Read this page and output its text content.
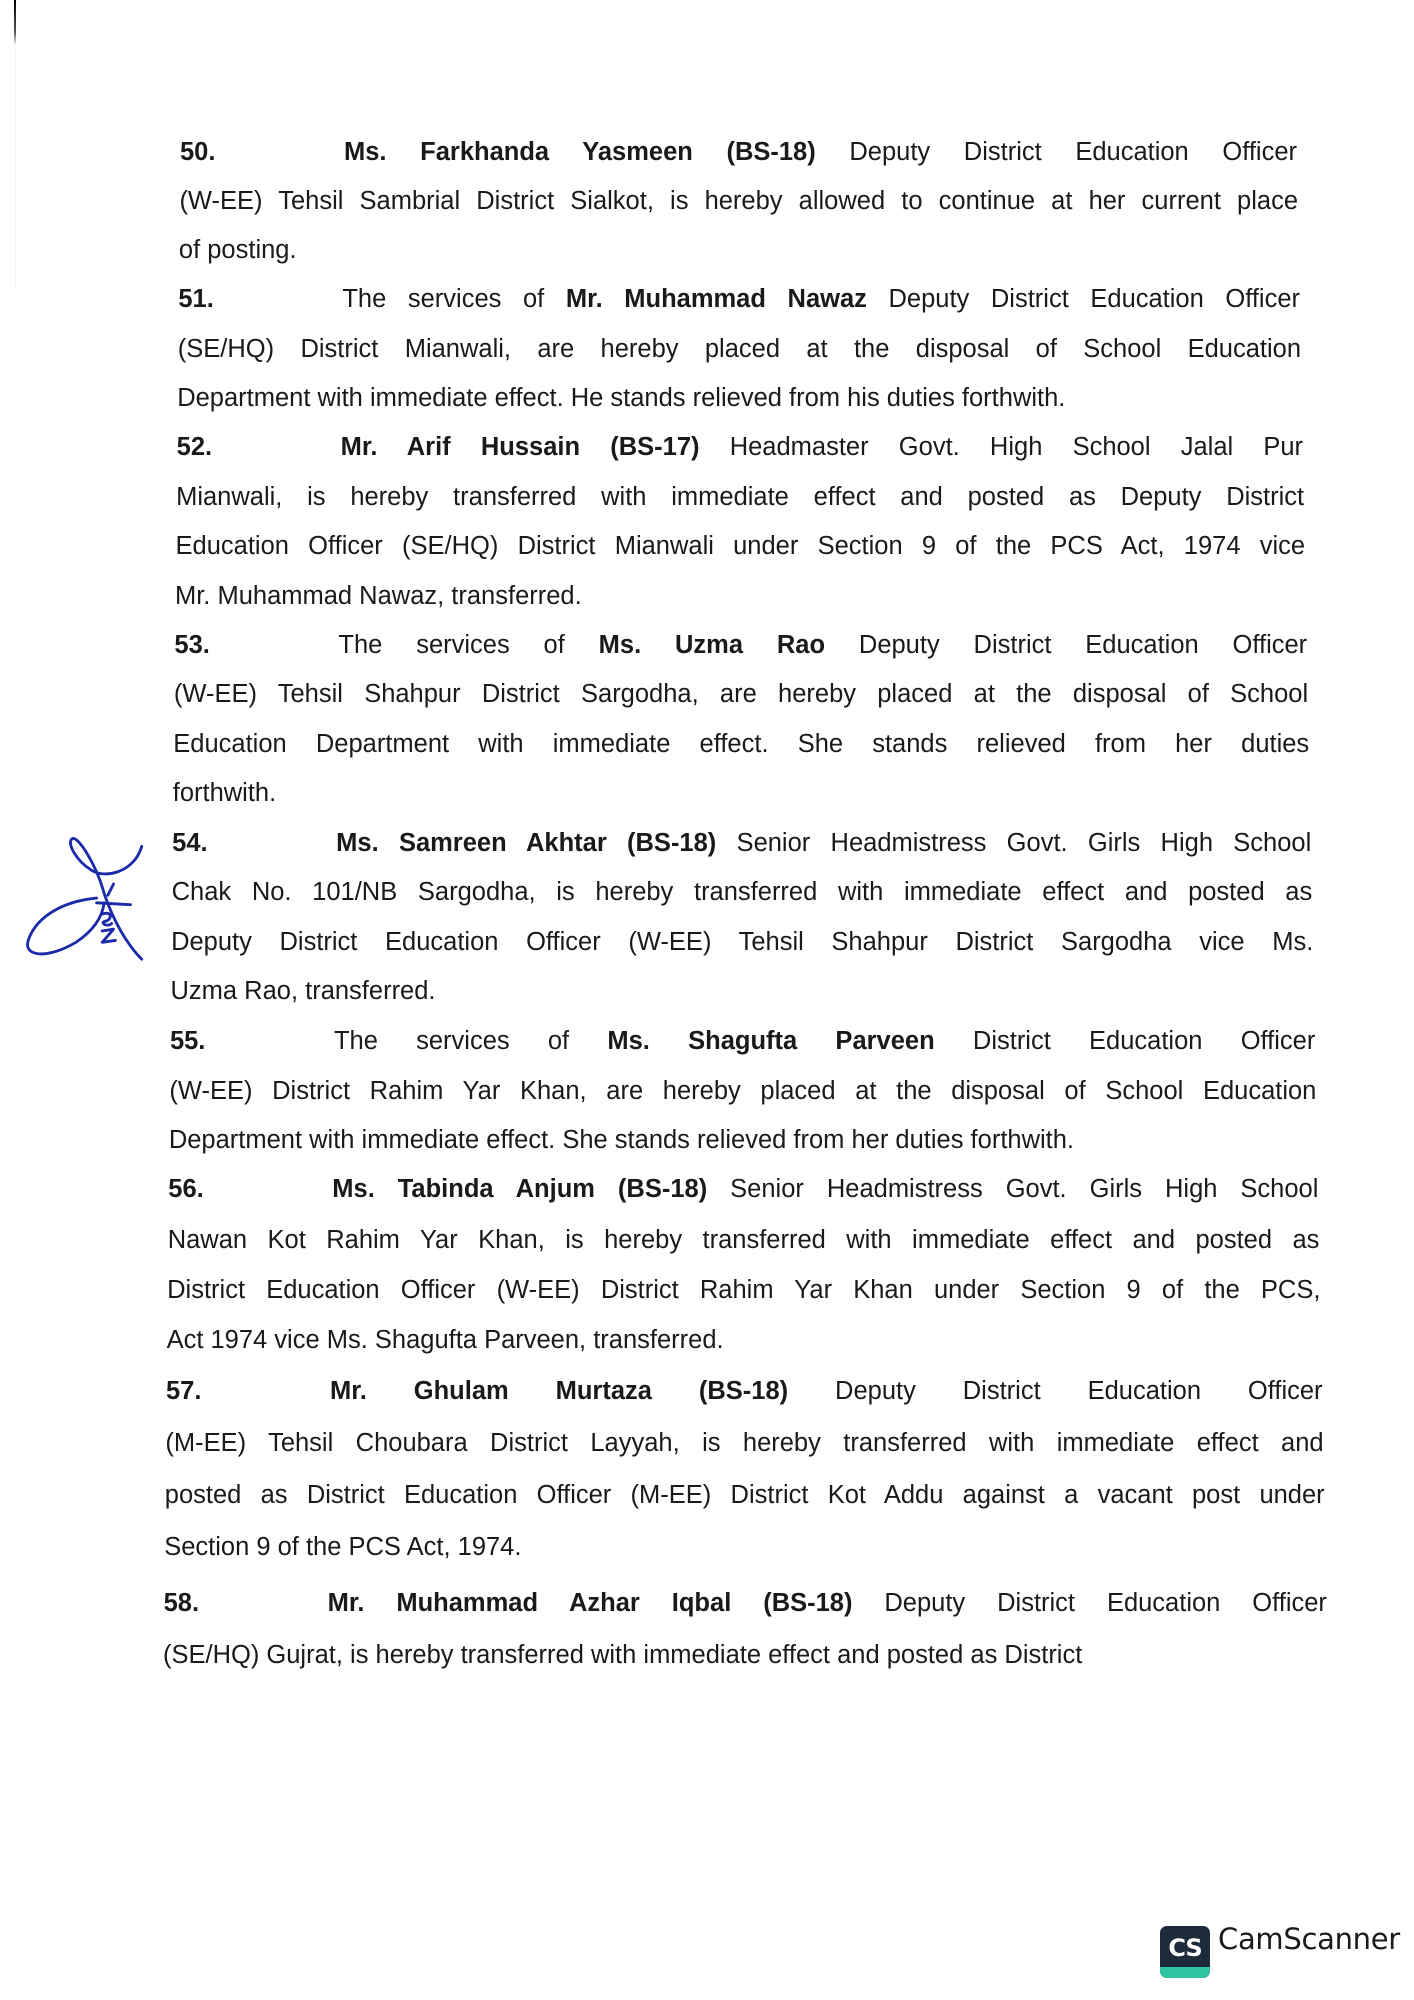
50.	Ms. Farkhanda Yasmeen (BS-18) Deputy District Education Officer
(W-EE) Tehsil Sambrial District Sialkot, is hereby allowed to continue at her current place
of posting.
51.	The services of Mr. Muhammad Nawaz Deputy District Education Officer
(SE/HQ) District Mianwali, are hereby placed at the disposal of School Education
Department with immediate effect. He stands relieved from his duties forthwith.
52.	Mr. Arif Hussain (BS-17) Headmaster Govt. High School Jalal Pur
Mianwali, is hereby transferred with immediate effect and posted as Deputy District
Education Officer (SE/HQ) District Mianwali under Section 9 of the PCS Act, 1974 vice
Mr. Muhammad Nawaz, transferred.
53.	The services of Ms. Uzma Rao Deputy District Education Officer
(W-EE) Tehsil Shahpur District Sargodha, are hereby placed at the disposal of School
Education Department with immediate effect. She stands relieved from her duties
forthwith.
54.	Ms. Samreen Akhtar (BS-18) Senior Headmistress Govt. Girls High School
Chak No. 101/NB Sargodha, is hereby transferred with immediate effect and posted as
Deputy District Education Officer (W-EE) Tehsil Shahpur District Sargodha vice Ms.
Uzma Rao, transferred.
55.	The services of Ms. Shagufta Parveen District Education Officer
(W-EE) District Rahim Yar Khan, are hereby placed at the disposal of School Education
Department with immediate effect. She stands relieved from her duties forthwith.
56.	Ms. Tabinda Anjum (BS-18) Senior Headmistress Govt. Girls High School
Nawan Kot Rahim Yar Khan, is hereby transferred with immediate effect and posted as
District Education Officer (W-EE) District Rahim Yar Khan under Section 9 of the PCS,
Act 1974 vice Ms. Shagufta Parveen, transferred.
57.	Mr. Ghulam Murtaza (BS-18) Deputy District Education Officer
(M-EE) Tehsil Choubara District Layyah, is hereby transferred with immediate effect and
posted as District Education Officer (M-EE) District Kot Addu against a vacant post under
Section 9 of the PCS Act, 1974.
58.	Mr. Muhammad Azhar Iqbal (BS-18) Deputy District Education Officer
(SE/HQ) Gujrat, is hereby transferred with immediate effect and posted as District
CS CamScanner
